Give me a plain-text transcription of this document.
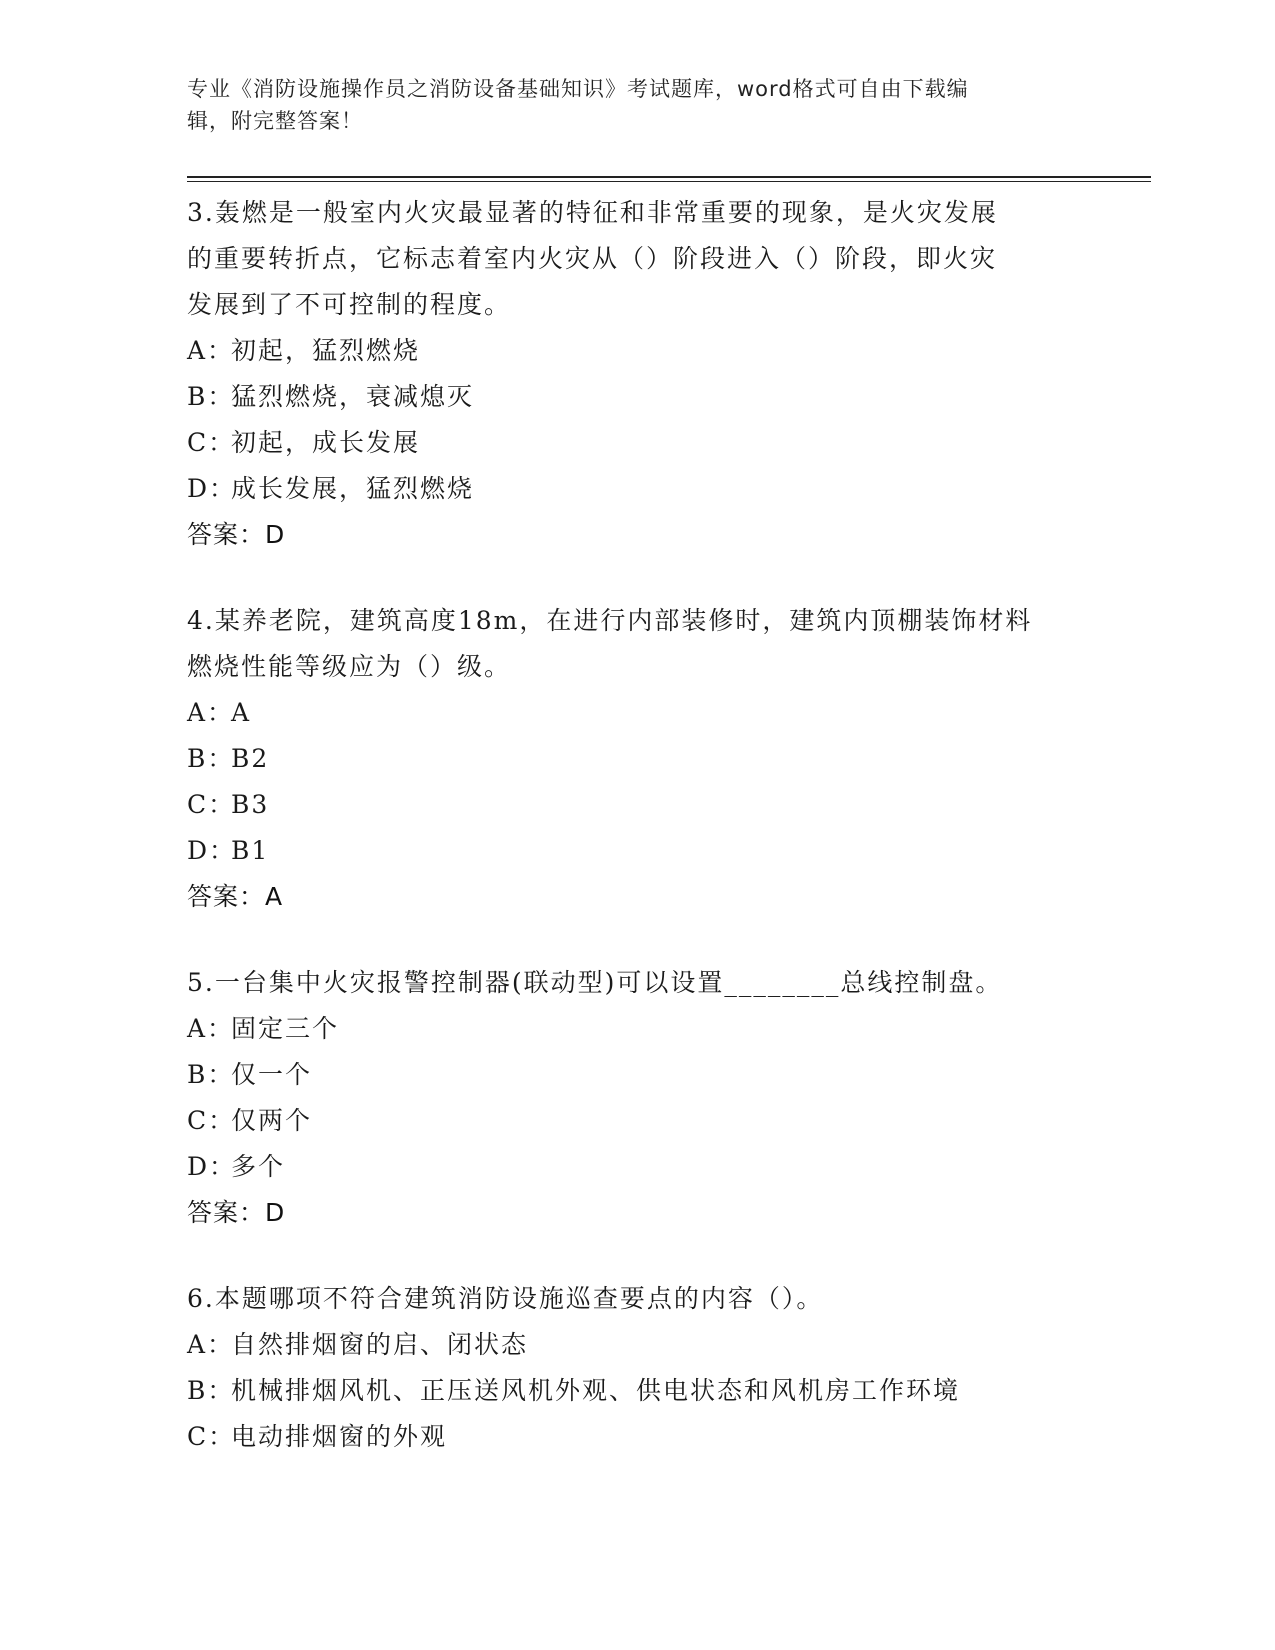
专业《消防设施操作员之消防设备基础知识》考试题库，word格式可自由下载编
辑，附完整答案！

3.轰燃是一般室内火灾最显著的特征和非常重要的现象，是火灾发展

的重要转折点，它标志着室内火灾从（）阶段进入（）阶段，即火灾

发展到了不可控制的程度。

A：初起，猛烈燃烧

B：猛烈燃烧，衰减熄灭

C：初起，成长发展

D：成长发展，猛烈燃烧

答案：D

4.某养老院，建筑高度18m，在进行内部装修时，建筑内顶棚装饰材料

燃烧性能等级应为（）级。

A：A

B：B2

C：B3

D：B1

答案：A

5.一台集中火灾报警控制器(联动型)可以设置________总线控制盘。

A：固定三个

B：仅一个

C：仅两个

D：多个

答案：D

6.本题哪项不符合建筑消防设施巡查要点的内容（）。

A：自然排烟窗的启、闭状态

B：机械排烟风机、正压送风机外观、供电状态和风机房工作环境

C：电动排烟窗的外观
